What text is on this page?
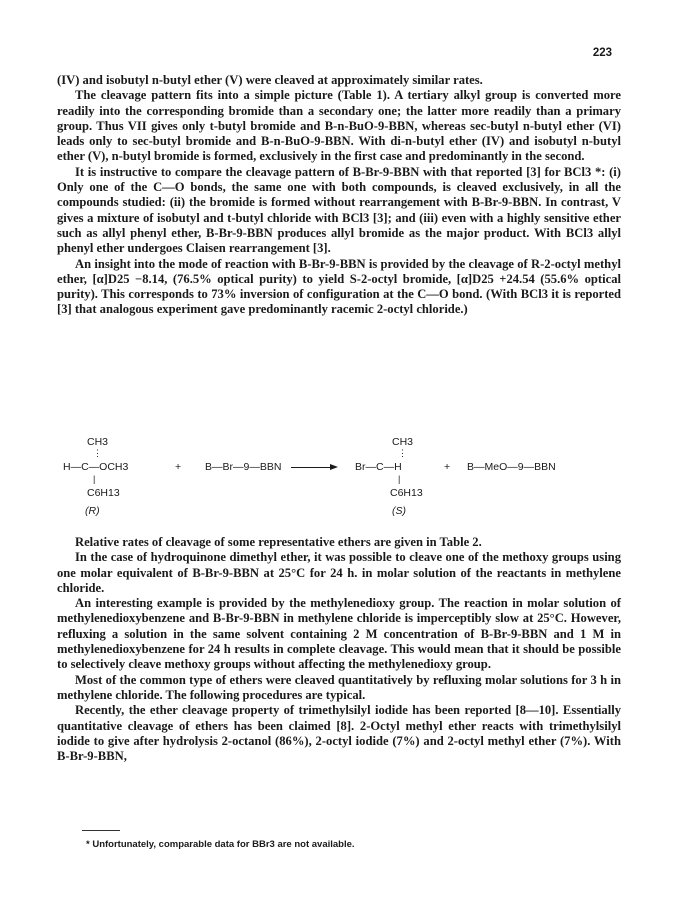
223

(IV) and isobutyl n-butyl ether (V) were cleaved at approximately similar rates.

The cleavage pattern fits into a simple picture (Table 1). A tertiary alkyl group is converted more readily into the corresponding bromide than a secondary one; the latter more readily than a primary group. Thus VII gives only t-butyl bromide and B-n-BuO-9-BBN, whereas sec-butyl n-butyl ether (VI) leads only to sec-butyl bromide and B-n-BuO-9-BBN. With di-n-butyl ether (IV) and isobutyl n-butyl ether (V), n-butyl bromide is formed, exclusively in the first case and predominantly in the second.

It is instructive to compare the cleavage pattern of B-Br-9-BBN with that reported [3] for BCl3 *: (i) Only one of the C—O bonds, the same one with both compounds, is cleaved exclusively, in all the compounds studied: (ii) the bromide is formed without rearrangement with B-Br-9-BBN. In contrast, V gives a mixture of isobutyl and t-butyl chloride with BCl3 [3]; and (iii) even with a highly sensitive ether such as allyl phenyl ether, B-Br-9-BBN produces allyl bromide as the major product. With BCl3 allyl phenyl ether undergoes Claisen rearrangement [3].

An insight into the mode of reaction with B-Br-9-BBN is provided by the cleavage of R-2-octyl methyl ether, [α]D25 −8.14, (76.5% optical purity) to yield S-2-octyl bromide, [α]D25 +24.54 (55.6% optical purity). This corresponds to 73% inversion of configuration at the C—O bond. (With BCl3 it is reported [3] that analogous experiment gave predominantly racemic 2-octyl chloride.)

CH3
⋮
H—C—OCH3
|
C6H13
(R)
+ B—Br—9—BBN
CH3
⋮
Br—C—H
|
C6H13
(S)
+ B—MeO—9—BBN

Relative rates of cleavage of some representative ethers are given in Table 2.

In the case of hydroquinone dimethyl ether, it was possible to cleave one of the methoxy groups using one molar equivalent of B-Br-9-BBN at 25°C for 24 h. in molar solution of the reactants in methylene chloride.

An interesting example is provided by the methylenedioxy group. The reaction in molar solution of methylenedioxybenzene and B-Br-9-BBN in methylene chloride is imperceptibly slow at 25°C. However, refluxing a solution in the same solvent containing 2 M concentration of B-Br-9-BBN and 1 M in methylenedioxybenzene for 24 h results in complete cleavage. This would mean that it should be possible to selectively cleave methoxy groups without affecting the methylenedioxy group.

Most of the common type of ethers were cleaved quantitatively by refluxing molar solutions for 3 h in methylene chloride. The following procedures are typical.

Recently, the ether cleavage property of trimethylsilyl iodide has been reported [8—10]. Essentially quantitative cleavage of ethers has been claimed [8]. 2-Octyl methyl ether reacts with trimethylsilyl iodide to give after hydrolysis 2-octanol (86%), 2-octyl iodide (7%) and 2-octyl methyl ether (7%). With B-Br-9-BBN,

* Unfortunately, comparable data for BBr3 are not available.
